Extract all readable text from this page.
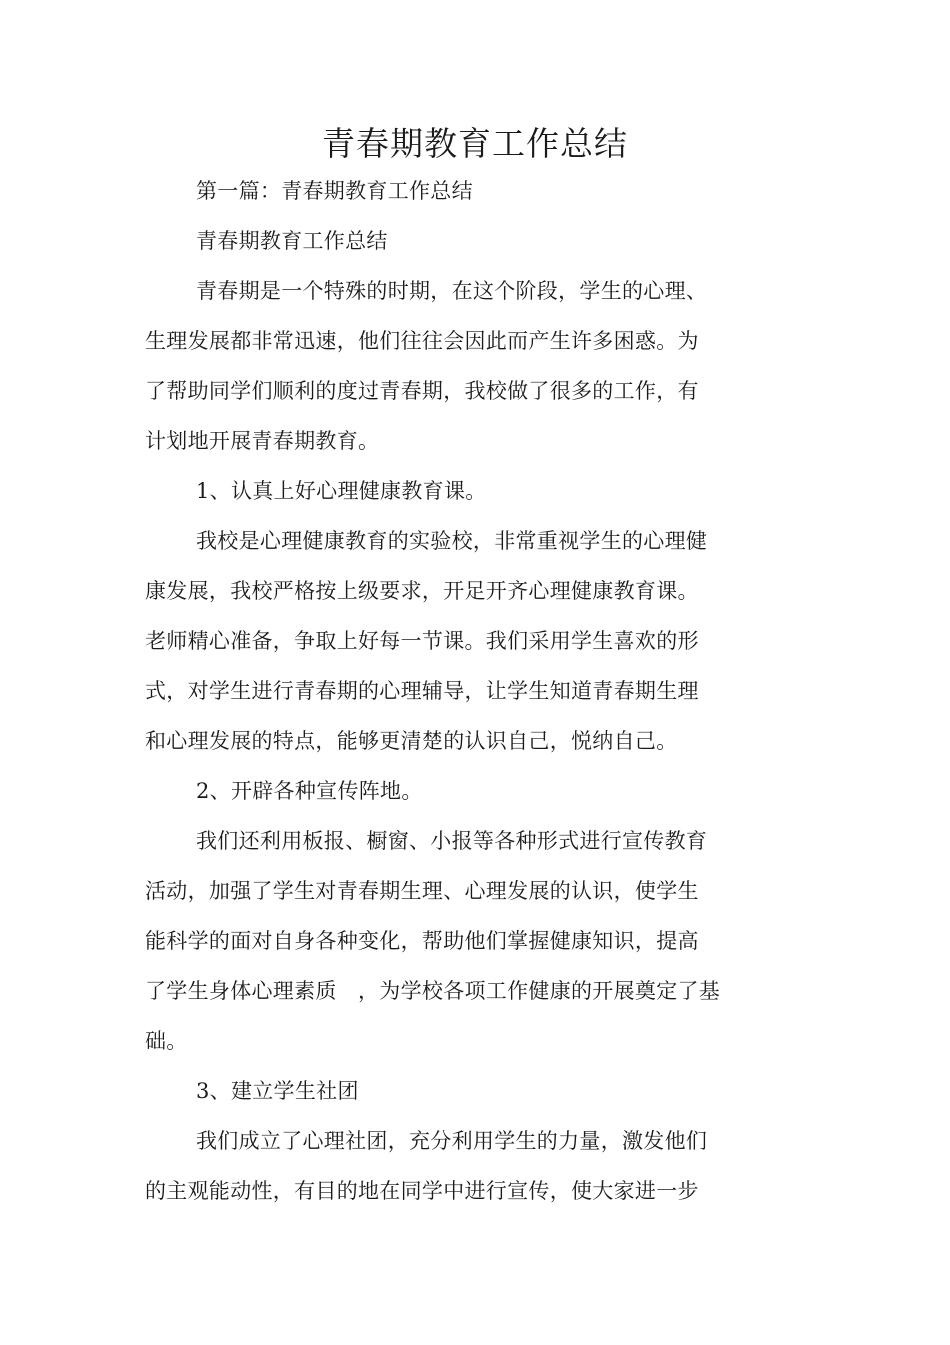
青春期教育工作总结
第一篇：青春期教育工作总结
青春期教育工作总结
青春期是一个特殊的时期，在这个阶段，学生的心理、
生理发展都非常迅速，他们往往会因此而产生许多困惑。为
了帮助同学们顺利的度过青春期，我校做了很多的工作，有
计划地开展青春期教育。
1、认真上好心理健康教育课。
我校是心理健康教育的实验校，非常重视学生的心理健
康发展，我校严格按上级要求，开足开齐心理健康教育课。
老师精心准备，争取上好每一节课。我们采用学生喜欢的形
式，对学生进行青春期的心理辅导，让学生知道青春期生理
和心理发展的特点，能够更清楚的认识自己，悦纳自己。
2、开辟各种宣传阵地。
我们还利用板报、橱窗、小报等各种形式进行宣传教育
活动，加强了学生对青春期生理、心理发展的认识，使学生
能科学的面对自身各种变化，帮助他们掌握健康知识，提高
了学生身体心理素质　，为学校各项工作健康的开展奠定了基
础。
3、建立学生社团
我们成立了心理社团，充分利用学生的力量，激发他们
的主观能动性，有目的地在同学中进行宣传，使大家进一步
